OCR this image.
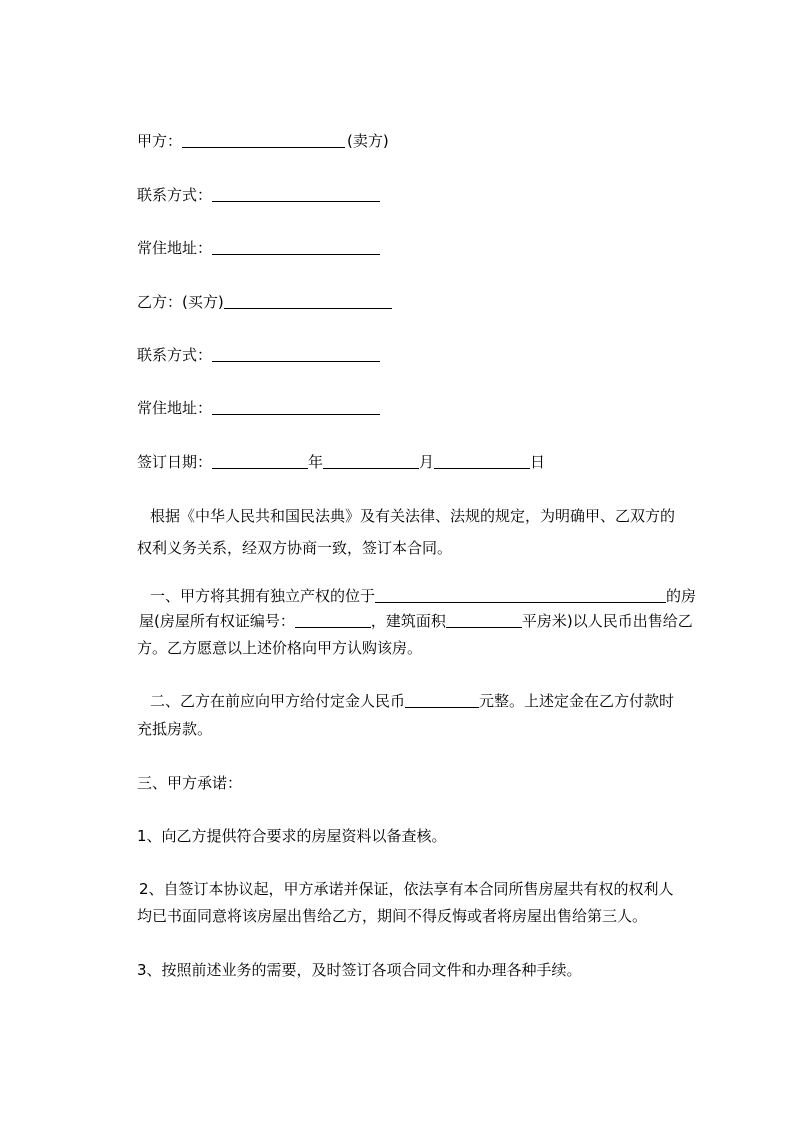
甲方：	(卖方)
联系方式：
常住地址：
乙方：(买方)
联系方式：
常住地址：
签订日期：	年	月	日
根据《中华人民共和国民法典》及有关法律、法规的规定，为明确甲、乙双方的
权利义务关系，经双方协商一致，签订本合同。
一、甲方将其拥有独立产权的位于	的房
屋(房屋所有权证编号：	，建筑面积	平房米)以人民币出售给乙
方。乙方愿意以上述价格向甲方认购该房。
二、乙方在前应向甲方给付定金人民币	元整。上述定金在乙方付款时
充抵房款。
三、甲方承诺：
1、向乙方提供符合要求的房屋资料以备查核。
2、自签订本协议起，甲方承诺并保证，依法享有本合同所售房屋共有权的权利人
均已书面同意将该房屋出售给乙方，期间不得反悔或者将房屋出售给第三人。
3、按照前述业务的需要，及时签订各项合同文件和办理各种手续。
